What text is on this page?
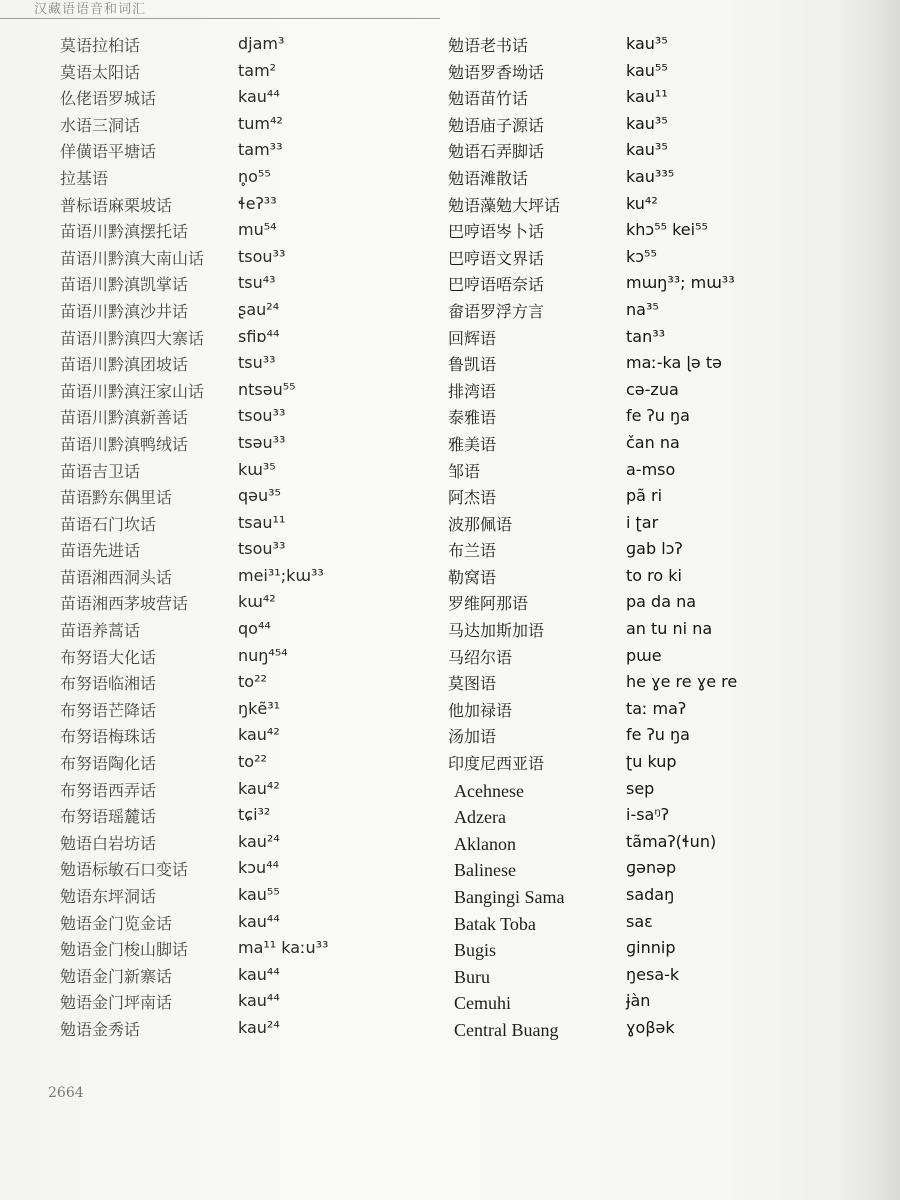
汉藏语语音和词汇
莫语拉桕话	djam³
莫语太阳话	tam²
仫佬语罗城话	kau⁴⁴
水语三洞话	tum⁴²
佯僙语平塘话	tam³³
拉基语	n̥o⁵⁵
普标语麻栗坡话	ɬeʔ³³
苗语川黔滇摆托话	mu⁵⁴
苗语川黔滇大南山话 tsou³³
苗语川黔滇凯掌话	tsu⁴³
苗语川黔滇沙井话	ʂau²⁴
苗语川黔滇四大寨话 sfiɒ⁴⁴
苗语川黔滇团坡话	tsu³³
苗语川黔滇汪家山话 ntsəu⁵⁵
苗语川黔滇新善话	tsou³³
苗语川黔滇鸭绒话	tsəu³³
苗语吉卫话	kɯ³⁵
苗语黔东偶里话	qəu³⁵
苗语石门坎话	tsau¹¹
苗语先进话	tsou³³
苗语湘西洞头话	mei³¹;kɯ³³
苗语湘西茅坡营话	kɯ⁴²
苗语养蒿话	qo⁴⁴
布努语大化话	nuŋ⁴⁵⁴
布努语临湘话	to²²
布努语芒降话	ŋkẽ³¹
布努语梅珠话	kau⁴²
布努语陶化话	to²²
布努语西弄话	kau⁴²
布努语瑶麓话	tɕi³²
勉语白岩坊话	kau²⁴
勉语标敏石口变话	kɔu⁴⁴
勉语东坪洞话	kau⁵⁵
勉语金门览金话	kau⁴⁴
勉语金门梭山脚话	ma¹¹ kaːu³³
勉语金门新寨话	kau⁴⁴
勉语金门坪南话	kau⁴⁴
勉语金秀话	kau²⁴
勉语老书话	kau³⁵
勉语罗香坳话	kau⁵⁵
勉语苗竹话	kau¹¹
勉语庙子源话	kau³⁵
勉语石弄脚话	kau³⁵
勉语滩散话	kau³³⁵
勉语藻勉大坪话	ku⁴²
巴哼语岑卜话	khɔ⁵⁵ kei⁵⁵
巴哼语文界话	kɔ⁵⁵
巴哼语唔奈话	mɯŋ³³; mɯ³³
畲语罗浮方言	na³⁵
回辉语	tan³³
鲁凯语	maː-ka ɭə tə
排湾语	cə-zua
泰雅语	fe ʔu ŋa
雅美语	čan na
邹语	a-mso
阿杰语	pã ri
波那佩语	i ʈar
布兰语	ɡab lɔʔ
勒窝语	to ro ki
罗维阿那语	pa da na
马达加斯加语	an tu ni na
马绍尔语	pɯe
莫图语	he ɣe re ɣe re
他加禄语	taː maʔ
汤加语	fe ʔu ŋa
印度尼西亚语	ʈu kup
Acehnese	sep
Adzera	i-saᵑʔ
Aklanon	tãmaʔ(ɬun)
Balinese	ɡənəp
Bangingi Sama	sadaŋ
Batak Toba	saɛ
Bugis	ɡinnip
Buru	ŋesa-k
Cemuhi	ɉàn
Central Buang	ɣoβək
2664
